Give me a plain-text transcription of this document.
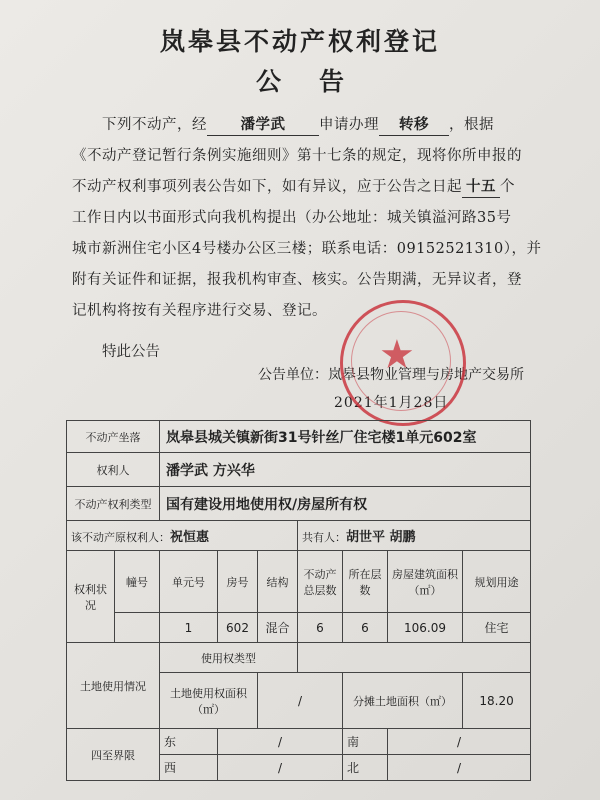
岚皋县不动产权利登记
公告

下列不动产，经 潘学武 申请办理 转移 ，根据

《不动产登记暂行条例实施细则》第十七条的规定，现将你所申报的

不动产权利事项列表公告如下，如有异议，应于公告之日起 十五 个

工作日内以书面形式向我机构提出（办公地址：城关镇溢河路35号

城市新洲住宅小区4号楼办公区三楼；联系电话：09152521310），并

附有关证件和证据，报我机构审查、核实。公告期满，无异议者，登

记机构将按有关程序进行交易、登记。

特此公告
公告单位：岚皋县物业管理与房地产交易所
2021年1月28日
★
不动产坐落		岚皋县城关镇新街31号针丝厂住宅楼1单元602室						
权利人		潘学武 方兴华						
不动产权利类型		国有建设用地使用权/房屋所有权						
该不动产原权利人：祝恒惠					共有人：胡世平 胡鹏			
权利状况	幢号	单元号	房号	结构	不动产总层数	所在层数	房屋建筑面积（㎡）	规划用途
		1	602	混合	6	6	106.09	住宅
土地使用情况		使用权类型						
		土地使用权面积（㎡）		/		分摊土地面积（㎡）		18.20
四至界限		东	/			南	/	
		西	/			北	/	
